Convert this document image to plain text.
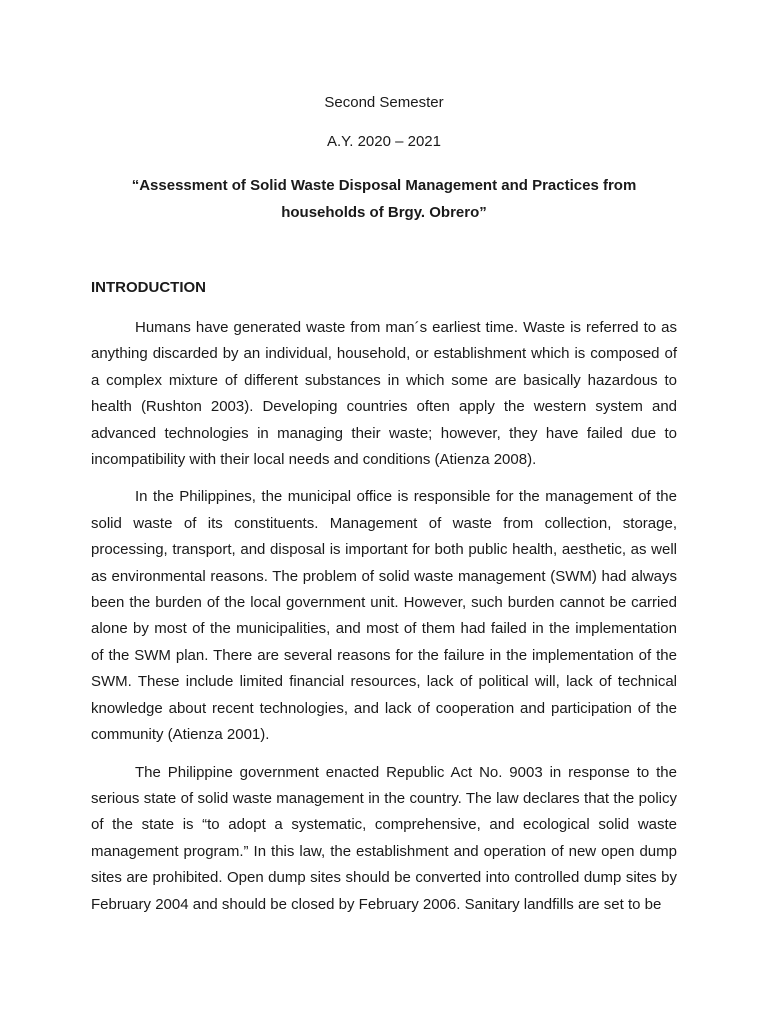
Second Semester
A.Y. 2020 – 2021
“Assessment of Solid Waste Disposal Management and Practices from households of Brgy. Obrero”
INTRODUCTION

Humans have generated waste from man´s earliest time. Waste is referred to as anything discarded by an individual, household, or establishment which is composed of a complex mixture of different substances in which some are basically hazardous to health (Rushton 2003). Developing countries often apply the western system and advanced technologies in managing their waste; however, they have failed due to incompatibility with their local needs and conditions (Atienza 2008).

In the Philippines, the municipal office is responsible for the management of the solid waste of its constituents. Management of waste from collection, storage, processing, transport, and disposal is important for both public health, aesthetic, as well as environmental reasons. The problem of solid waste management (SWM) had always been the burden of the local government unit. However, such burden cannot be carried alone by most of the municipalities, and most of them had failed in the implementation of the SWM plan. There are several reasons for the failure in the implementation of the SWM. These include limited financial resources, lack of political will, lack of technical knowledge about recent technologies, and lack of cooperation and participation of the community (Atienza 2001).

The Philippine government enacted Republic Act No. 9003 in response to the serious state of solid waste management in the country. The law declares that the policy of the state is “to adopt a systematic, comprehensive, and ecological solid waste management program.” In this law, the establishment and operation of new open dump sites are prohibited. Open dump sites should be converted into controlled dump sites by February 2004 and should be closed by February 2006. Sanitary landfills are set to be
